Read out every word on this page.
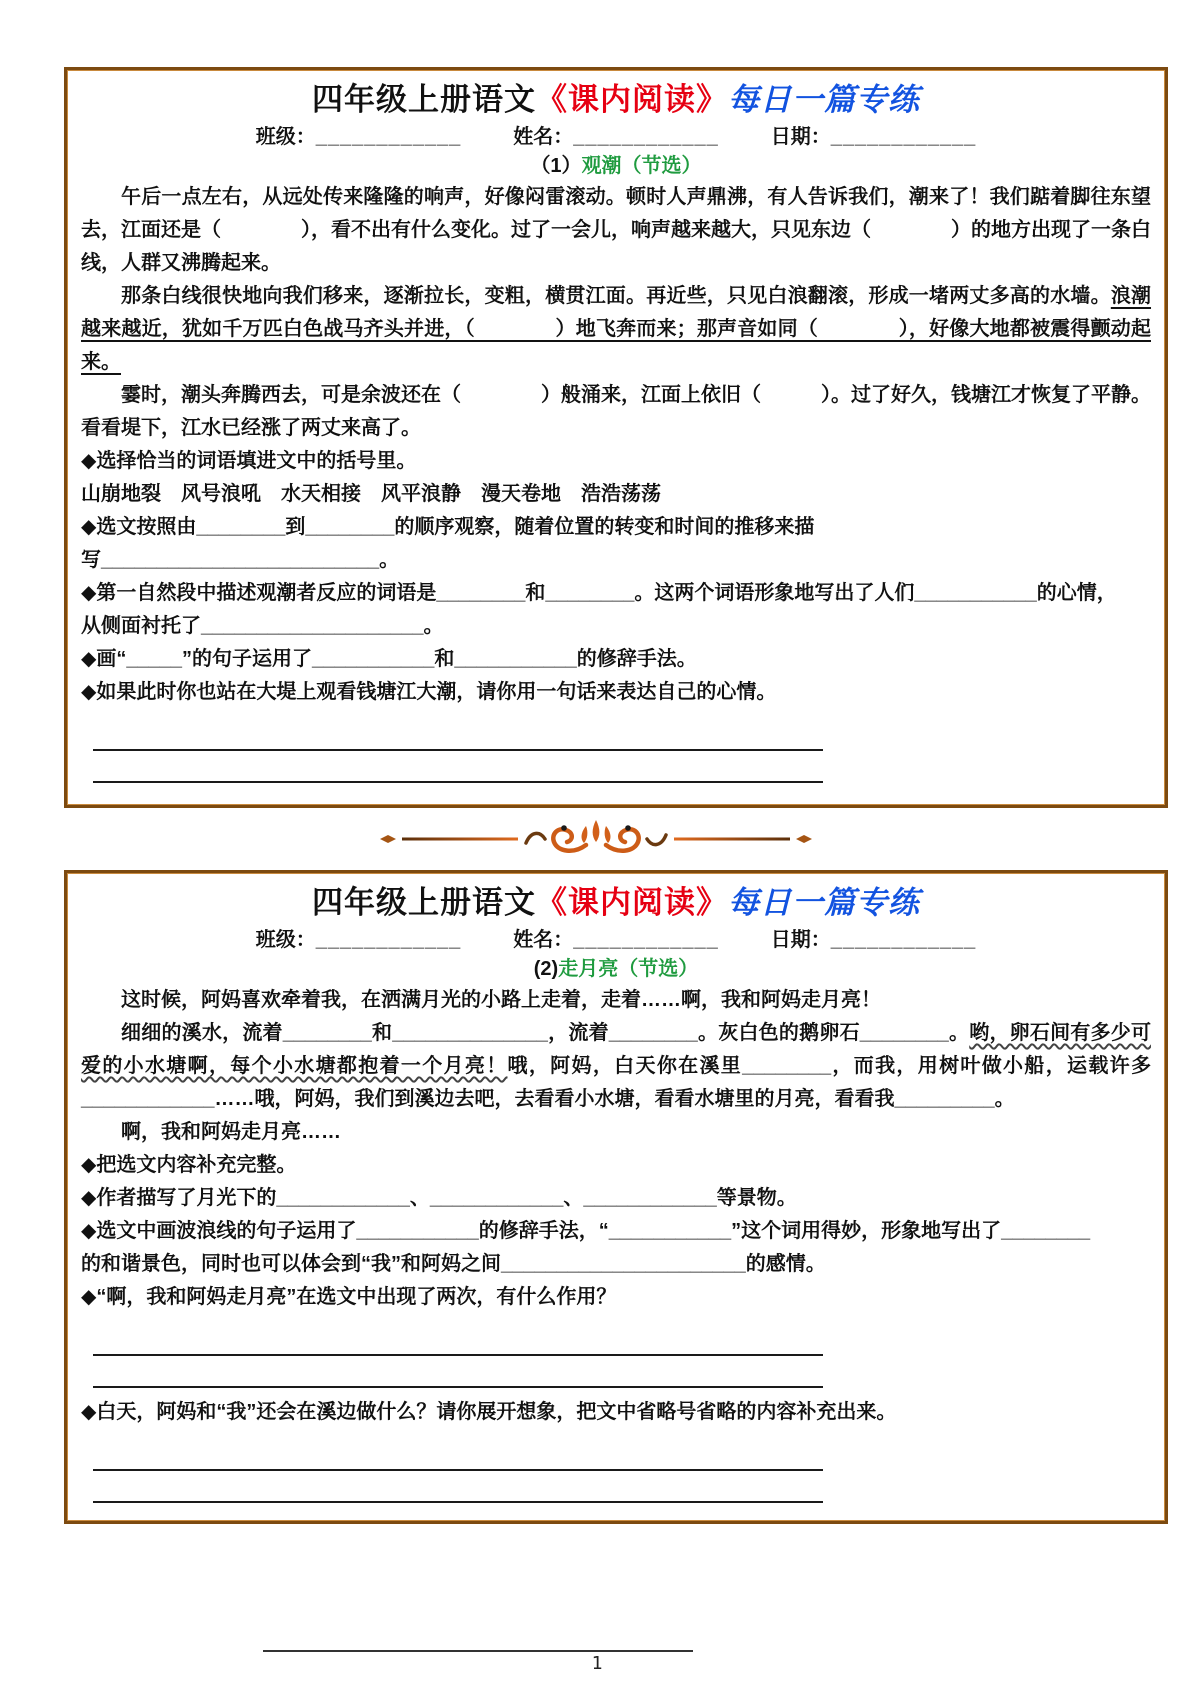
四年级上册语文《课内阅读》每日一篇专练
班级：____________	姓名：____________	日期：____________
（1）观潮（节选）

午后一点左右，从远处传来隆隆的响声，好像闷雷滚动。顿时人声鼎沸，有人告诉我们，潮来了！我们踮着脚往东望去，江面还是（　　　　），看不出有什么变化。过了一会儿，响声越来越大，只见东边（　　　　）的地方出现了一条白线，人群又沸腾起来。

那条白线很快地向我们移来，逐渐拉长，变粗，横贯江面。再近些，只见白浪翻滚，形成一堵两丈多高的水墙。浪潮越来越近，犹如千万匹白色战马齐头并进，（　　　　）地飞奔而来；那声音如同（　　　　），好像大地都被震得颤动起来。

霎时，潮头奔腾西去，可是余波还在（　　　　）般涌来，江面上依旧（　　　）。过了好久，钱塘江才恢复了平静。看看堤下，江水已经涨了两丈来高了。

◆选择恰当的词语填进文中的括号里。

山崩地裂　风号浪吼　水天相接　风平浪静　漫天卷地　浩浩荡荡

◆选文按照由________到________的顺序观察，随着位置的转变和时间的推移来描
写_________________________。

◆第一自然段中描述观潮者反应的词语是________和________。这两个词语形象地写出了人们___________的心情，
从侧面衬托了____________________。

◆画“_____”的句子运用了___________和___________的修辞手法。

◆如果此时你也站在大堤上观看钱塘江大潮，请你用一句话来表达自己的心情。

四年级上册语文《课内阅读》每日一篇专练
班级：____________	姓名：____________	日期：____________
(2)走月亮（节选）

这时候，阿妈喜欢牵着我，在洒满月光的小路上走着，走着……啊，我和阿妈走月亮！

细细的溪水，流着________和______________，流着________。灰白色的鹅卵石________。哟，卵石间有多少可爱的小水塘啊，每个小水塘都抱着一个月亮！哦，阿妈，白天你在溪里________，而我，用树叶做小船，运载许多____________……哦，阿妈，我们到溪边去吧，去看看小水塘，看看水塘里的月亮，看看我_________。

啊，我和阿妈走月亮……

◆把选文内容补充完整。

◆作者描写了月光下的____________、____________、____________等景物。

◆选文中画波浪线的句子运用了___________的修辞手法，“___________”这个词用得妙，形象地写出了________
的和谐景色，同时也可以体会到“我”和阿妈之间______________________的感情。

◆“啊，我和阿妈走月亮”在选文中出现了两次，有什么作用？

◆白天，阿妈和“我”还会在溪边做什么？请你展开想象，把文中省略号省略的内容补充出来。

1
